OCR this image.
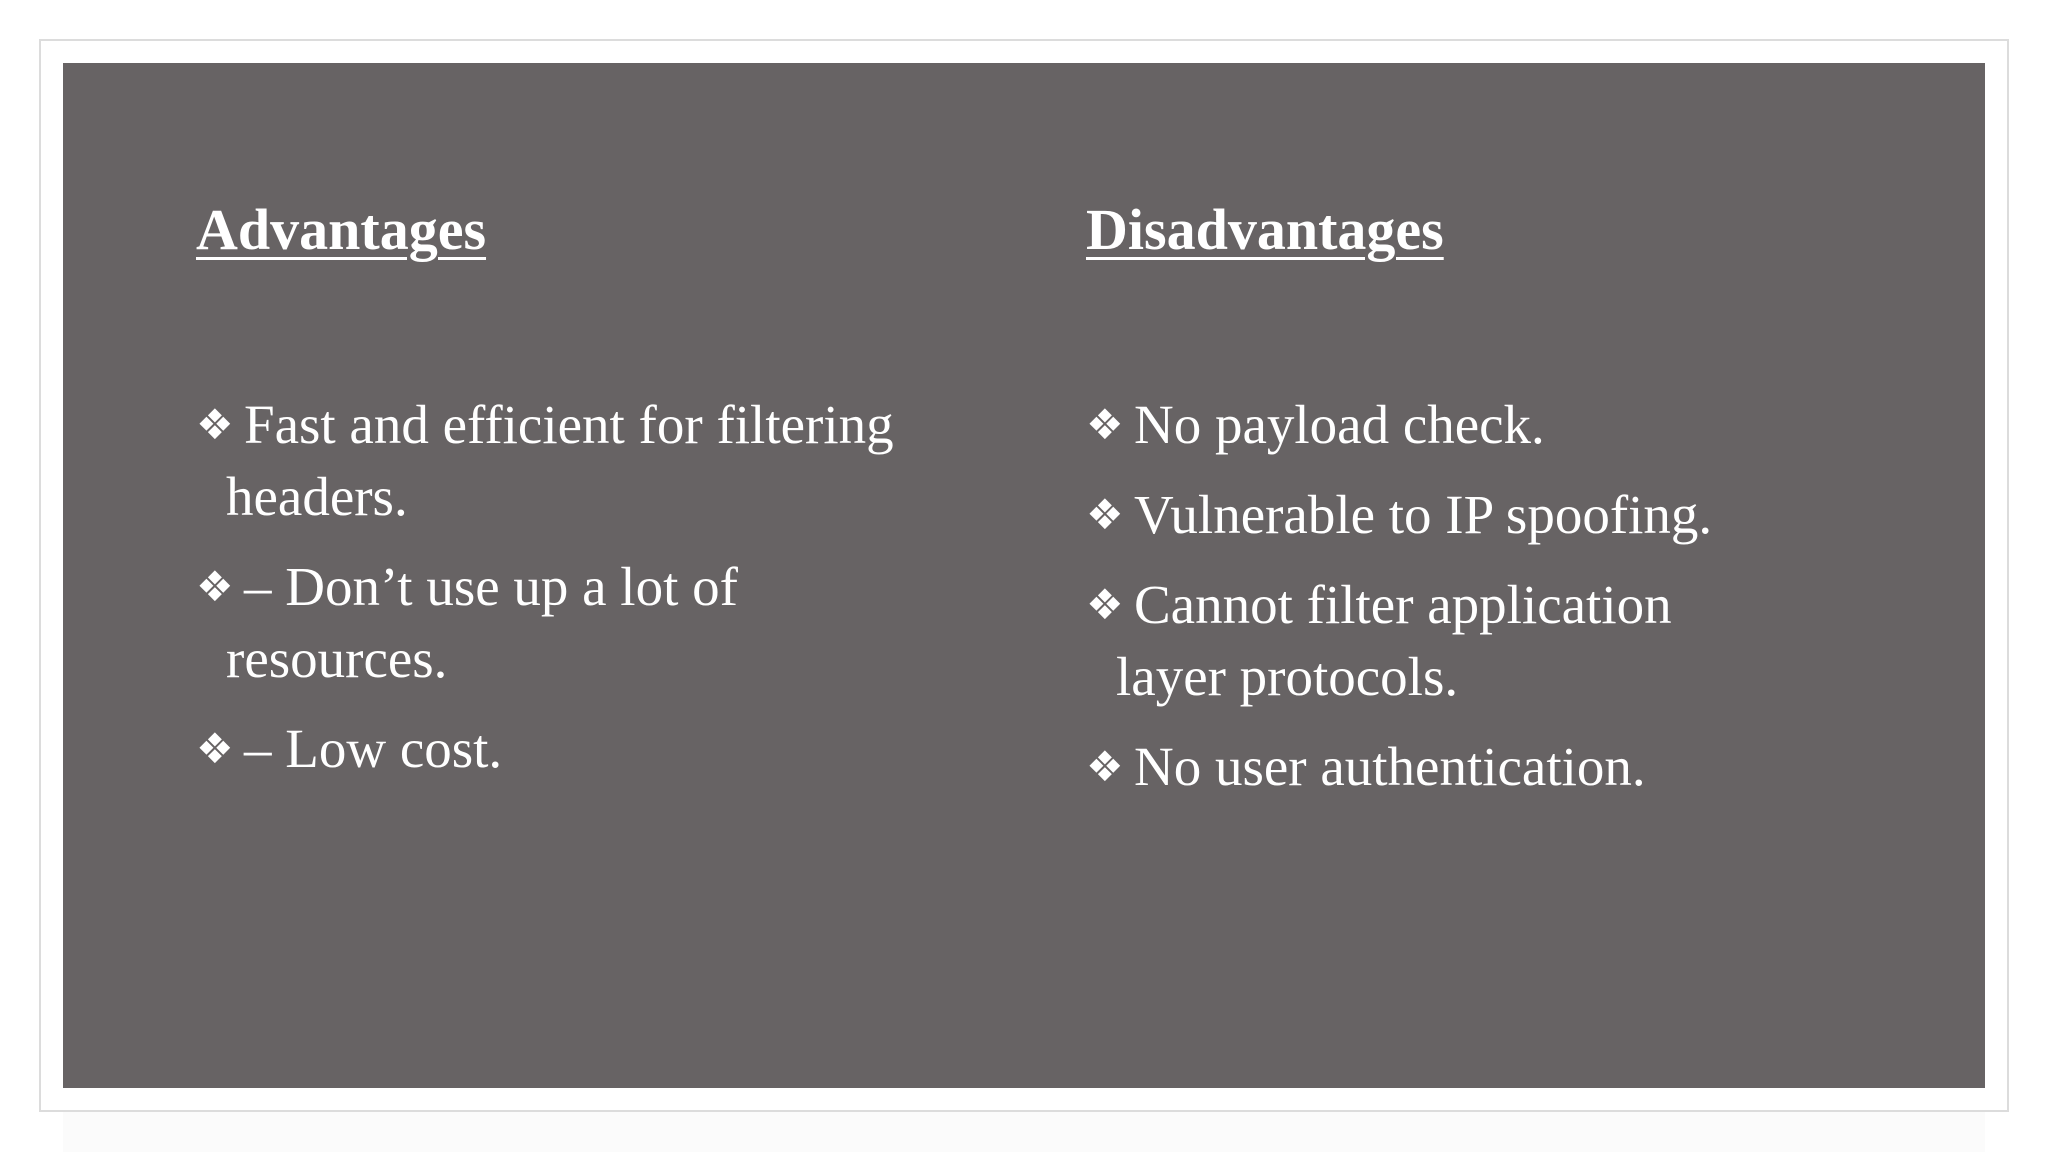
Advantages
❖ Fast and efficient for filtering headers.
❖ – Don’t use up a lot of resources.
❖ – Low cost.
Disadvantages
❖ No payload check.
❖ Vulnerable to IP spoofing.
❖ Cannot filter application layer protocols.
❖ No user authentication.
